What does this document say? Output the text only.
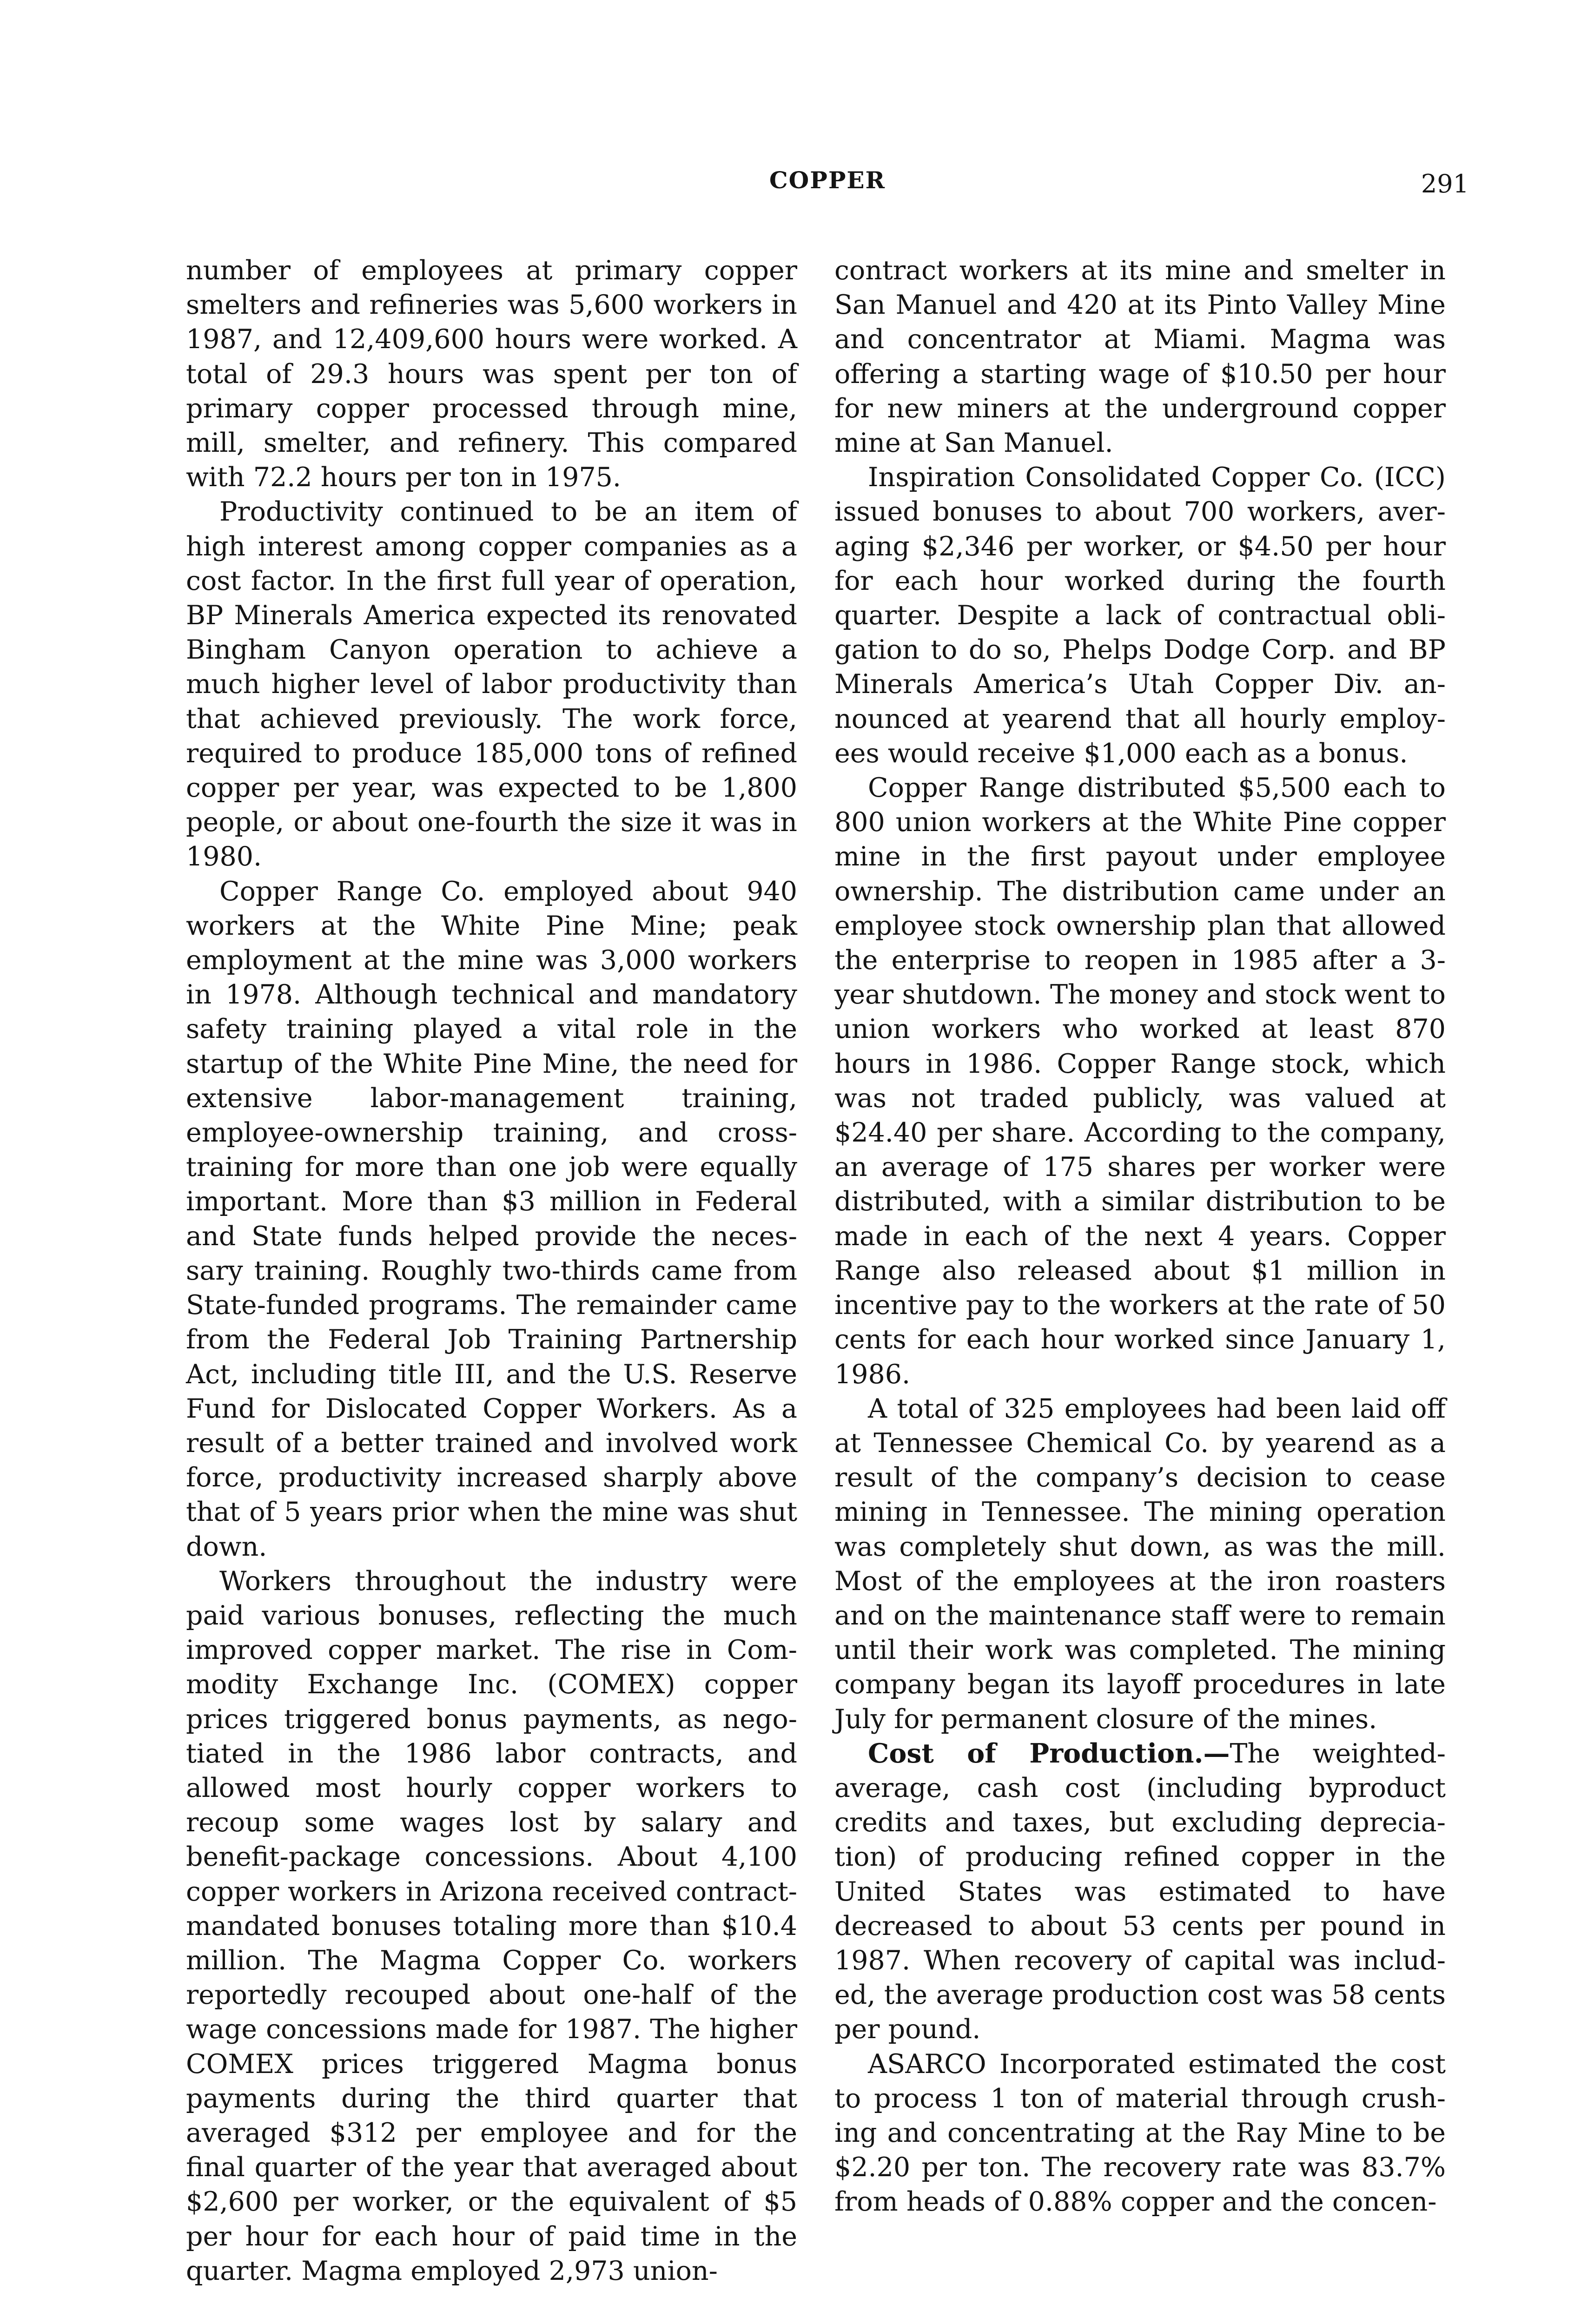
COPPER	291

number of employees at primary copper smelters and refineries was 5,600 workers in 1987, and 12,409,600 hours were worked. A total of 29.3 hours was spent per ton of primary copper processed through mine, mill, smelter, and refinery. This compared with 72.2 hours per ton in 1975.

Productivity continued to be an item of high interest among copper companies as a cost factor. In the first full year of operation, BP Minerals America expected its renovated Bingham Canyon operation to achieve a much higher level of labor productivity than that achieved previously. The work force, required to produce 185,000 tons of refined copper per year, was expected to be 1,800 people, or about one-fourth the size it was in 1980.

Copper Range Co. employed about 940 workers at the White Pine Mine; peak employment at the mine was 3,000 workers in 1978. Although technical and mandatory safety training played a vital role in the startup of the White Pine Mine, the need for extensive labor-management training, employee-ownership training, and cross-training for more than one job were equally important. More than $3 million in Federal and State funds helped provide the necessary training. Roughly two-thirds came from State-funded programs. The remainder came from the Federal Job Training Partnership Act, including title III, and the U.S. Reserve Fund for Dislocated Copper Workers. As a result of a better trained and involved work force, productivity increased sharply above that of 5 years prior when the mine was shut down.

Workers throughout the industry were paid various bonuses, reflecting the much improved copper market. The rise in Commodity Exchange Inc. (COMEX) copper prices triggered bonus payments, as negotiated in the 1986 labor contracts, and allowed most hourly copper workers to recoup some wages lost by salary and benefit-package concessions. About 4,100 copper workers in Arizona received contract-mandated bonuses totaling more than $10.4 million. The Magma Copper Co. workers reportedly recouped about one-half of the wage concessions made for 1987. The higher COMEX prices triggered Magma bonus payments during the third quarter that averaged $312 per employee and for the final quarter of the year that averaged about $2,600 per worker, or the equivalent of $5 per hour for each hour of paid time in the quarter. Magma employed 2,973 union-

contract workers at its mine and smelter in San Manuel and 420 at its Pinto Valley Mine and concentrator at Miami. Magma was offering a starting wage of $10.50 per hour for new miners at the underground copper mine at San Manuel.

Inspiration Consolidated Copper Co. (ICC) issued bonuses to about 700 workers, averaging $2,346 per worker, or $4.50 per hour for each hour worked during the fourth quarter. Despite a lack of contractual obligation to do so, Phelps Dodge Corp. and BP Minerals America’s Utah Copper Div. announced at yearend that all hourly employees would receive $1,000 each as a bonus.

Copper Range distributed $5,500 each to 800 union workers at the White Pine copper mine in the first payout under employee ownership. The distribution came under an employee stock ownership plan that allowed the enterprise to reopen in 1985 after a 3-year shutdown. The money and stock went to union workers who worked at least 870 hours in 1986. Copper Range stock, which was not traded publicly, was valued at $24.40 per share. According to the company, an average of 175 shares per worker were distributed, with a similar distribution to be made in each of the next 4 years. Copper Range also released about $1 million in incentive pay to the workers at the rate of 50 cents for each hour worked since January 1, 1986.

A total of 325 employees had been laid off at Tennessee Chemical Co. by yearend as a result of the company’s decision to cease mining in Tennessee. The mining operation was completely shut down, as was the mill. Most of the employees at the iron roasters and on the maintenance staff were to remain until their work was completed. The mining company began its layoff procedures in late July for permanent closure of the mines.

Cost of Production.—The weighted-average, cash cost (including byproduct credits and taxes, but excluding depreciation) of producing refined copper in the United States was estimated to have decreased to about 53 cents per pound in 1987. When recovery of capital was included, the average production cost was 58 cents per pound.

ASARCO Incorporated estimated the cost to process 1 ton of material through crushing and concentrating at the Ray Mine to be $2.20 per ton. The recovery rate was 83.7% from heads of 0.88% copper and the concen-
